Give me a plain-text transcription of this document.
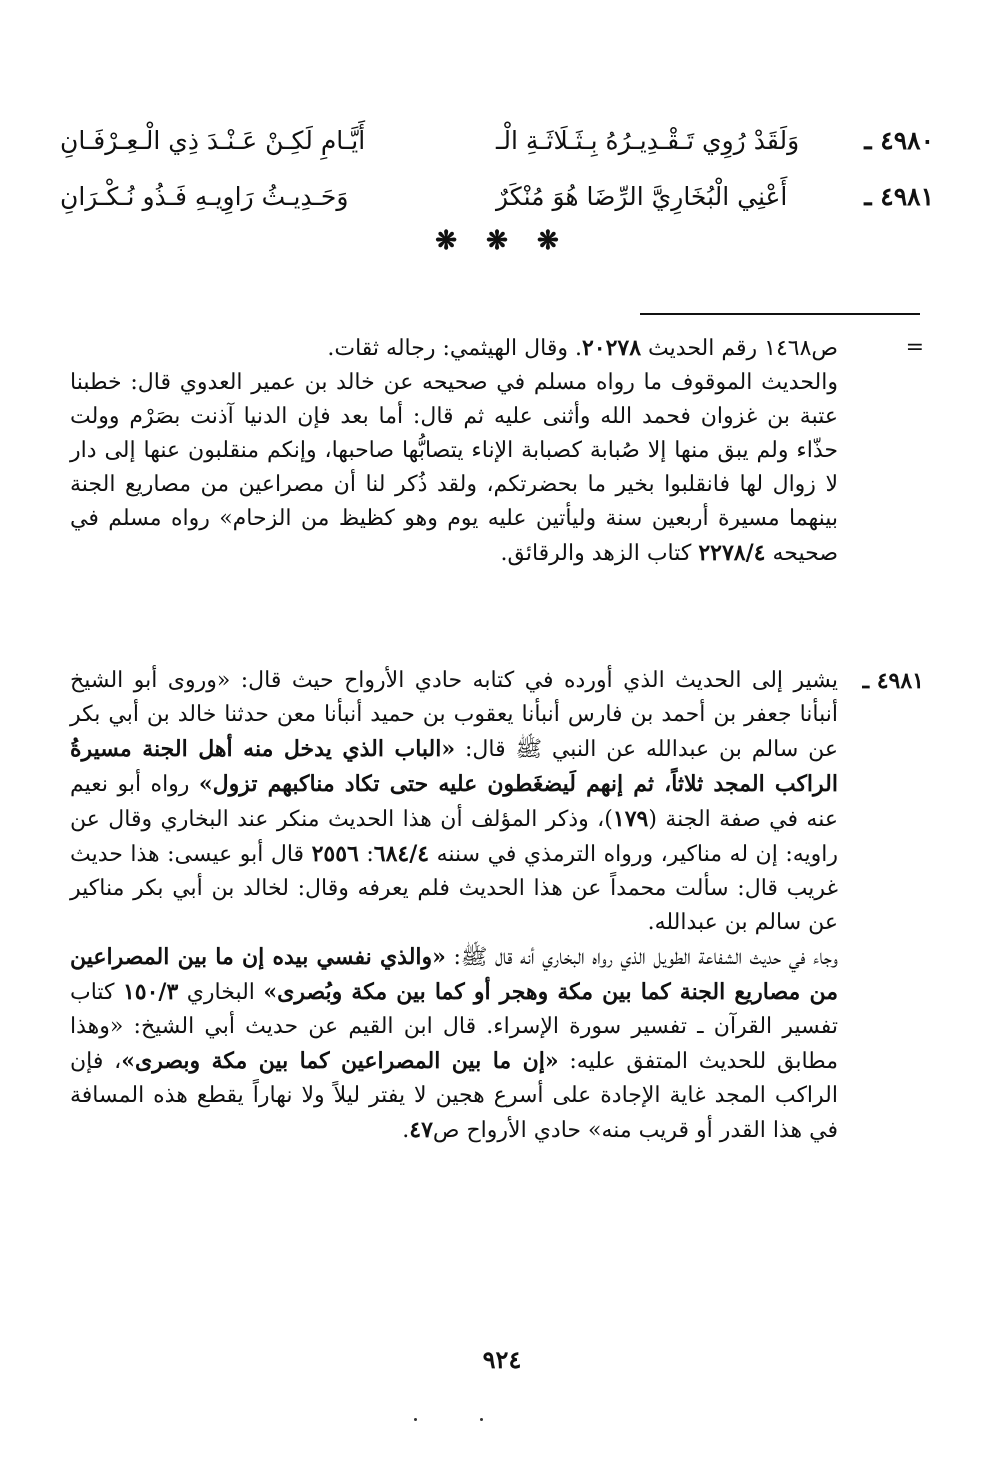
٤٩٨٠ ـ
وَلَقَدْ رُوِي تَـقْـدِيـرُهُ بِـثَـلَاثَـةِ الْـ
أَيَّـامِ لَكِـنْ عَـنْـدَ ذِي الْـعِـرْفَـانِ
٤٩٨١ ـ
أَعْنِي الْبُخَارِيَّ الرِّضَا هُوَ مُنْكَرٌ
وَحَـدِيـثُ رَاوِيـهِ فَـذُو نُـكْـرَانِ
❋ ❋ ❋
=
ص١٤٦٨ رقم الحديث ٢٠٢٧٨. وقال الهيثمي: رجاله ثقات.
والحديث الموقوف ما رواه مسلم في صحيحه عن خالد بن عمير العدوي قال: خطبنا عتبة بن غزوان فحمد الله وأثنى عليه ثم قال: أما بعد فإن الدنيا آذنت بصَرْم وولت حذّاء ولم يبق منها إلا صُبابة كصبابة الإناء يتصابُّها صاحبها، وإنكم منقلبون عنها إلى دار لا زوال لها فانقلبوا بخير ما بحضرتكم، ولقد ذُكر لنا أن مصراعين من مصاريع الجنة بينهما مسيرة أربعين سنة وليأتين عليه يوم وهو كظيظ من الزحام» رواه مسلم في صحيحه ٢٢٧٨/٤ كتاب الزهد والرقائق.
٤٩٨١ ـ
يشير إلى الحديث الذي أورده في كتابه حادي الأرواح حيث قال: «وروى أبو الشيخ أنبأنا جعفر بن أحمد بن فارس أنبأنا يعقوب بن حميد أنبأنا معن حدثنا خالد بن أبي بكر عن سالم بن عبدالله عن النبي ﷺ قال: «الباب الذي يدخل منه أهل الجنة مسيرةُ الراكب المجد ثلاثاً، ثم إنهم لَيضغَطون عليه حتى تكاد مناكبهم تزول» رواه أبو نعيم عنه في صفة الجنة (١٧٩)، وذكر المؤلف أن هذا الحديث منكر عند البخاري وقال عن راويه: إن له مناكير، ورواه الترمذي في سننه ٦٨٤/٤: ٢٥٥٦ قال أبو عيسى: هذا حديث غريب قال: سألت محمداً عن هذا الحديث فلم يعرفه وقال: لخالد بن أبي بكر مناكير عن سالم بن عبدالله.
وجاء في حديث الشفاعة الطويل الذي رواه البخاري أنه قال ﷺ: «والذي نفسي بيده إن ما بين المصراعين من مصاريع الجنة كما بين مكة وهجر أو كما بين مكة وبُصرى» البخاري ١٥٠/٣ كتاب تفسير القرآن ـ تفسير سورة الإسراء. قال ابن القيم عن حديث أبي الشيخ: «وهذا مطابق للحديث المتفق عليه: «إن ما بين المصراعين كما بين مكة وبصرى»، فإن الراكب المجد غاية الإجادة على أسرع هجين لا يفتر ليلاً ولا نهاراً يقطع هذه المسافة في هذا القدر أو قريب منه» حادي الأرواح ص٤٧.
٩٢٤
